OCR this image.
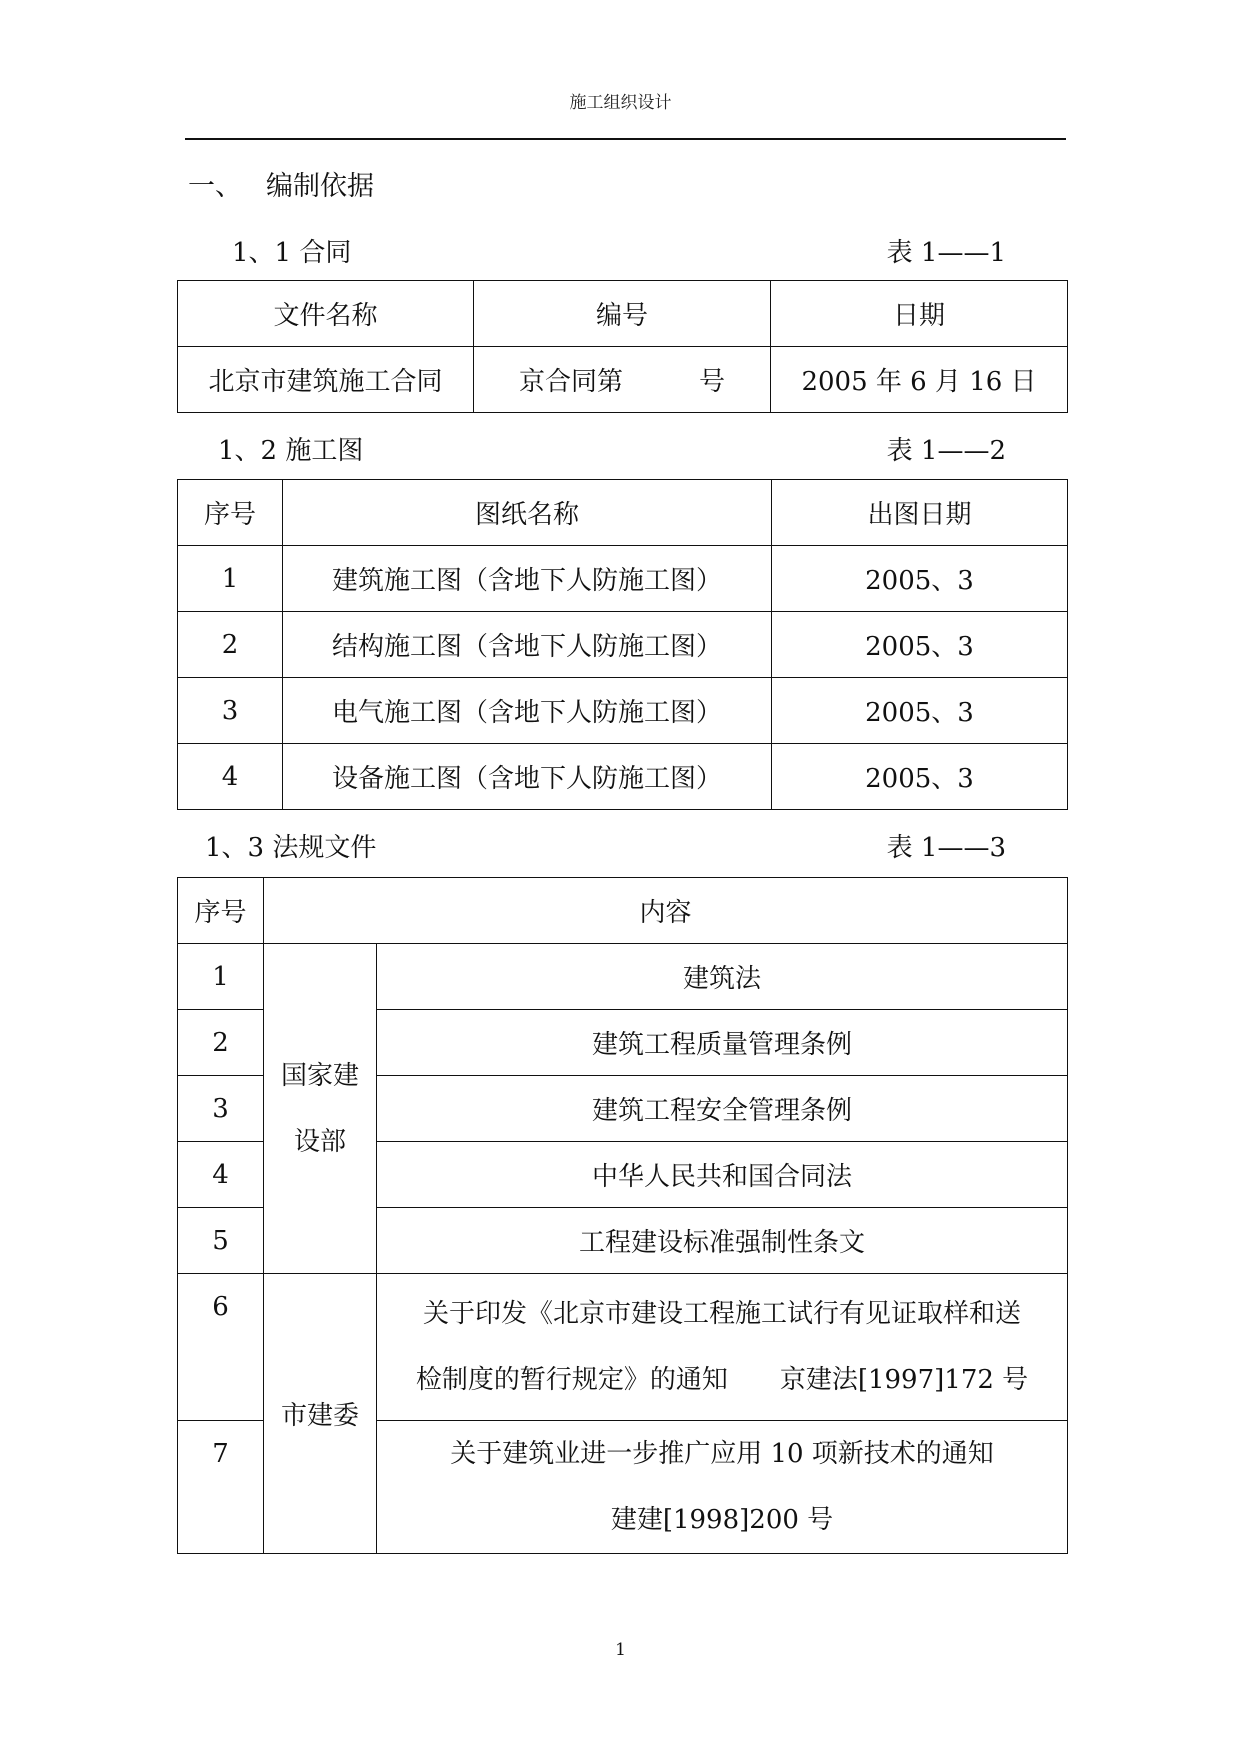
施工组织设计
一、 编制依据
1、1 合同	表 1——1
文件名称	编号	日期
北京市建筑施工合同	京合同第 号	2005 年 6 月 16 日
1、2 施工图	表 1——2
序号	图纸名称	出图日期
1	建筑施工图（含地下人防施工图）	2005、3
2	结构施工图（含地下人防施工图）	2005、3
3	电气施工图（含地下人防施工图）	2005、3
4	设备施工图（含地下人防施工图）	2005、3
1、3 法规文件	表 1——3
序号	内容	
1	国家建设部	建筑法
2		建筑工程质量管理条例
3		建筑工程安全管理条例
4		中华人民共和国合同法
5		工程建设标准强制性条文
6	市建委	关于印发《北京市建设工程施工试行有见证取样和送
检制度的暂行规定》的通知　　京建法[1997]172 号

7		关于建筑业进一步推广应用 10 项新技术的通知
建建[1998]200 号
1
